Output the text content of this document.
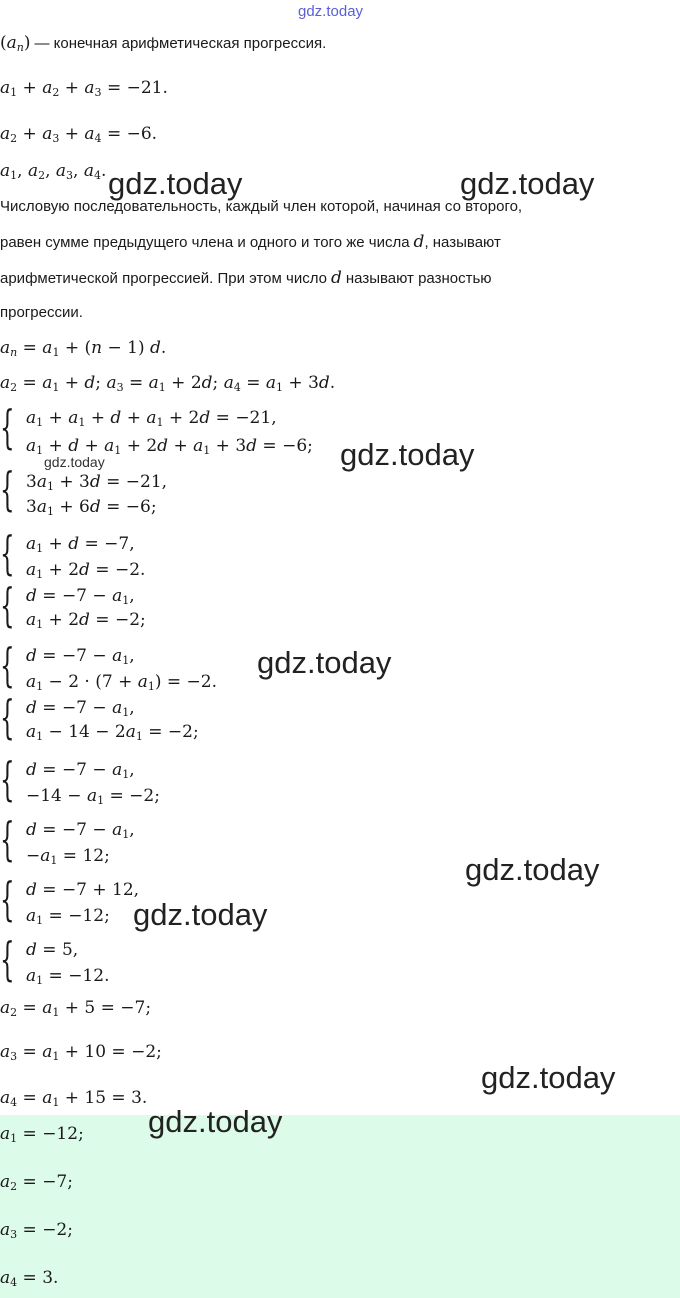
gdz.today
$(a_n)$ — конечная арифметическая прогрессия.
$a_1 + a_2 + a_3 = -21$.
$a_2 + a_3 + a_4 = -6$.
$a_1$, $a_2$, $a_3$, $a_4$.
Числовую последовательность, каждый член которой, начиная со второго,
равен сумме предыдущего члена и одного и того же числа d, называют
арифметической прогрессией. При этом число d называют разностью
прогрессии.
$a_n = a_1 + (n - 1)$ d.
$a_2 = a_1 + d$; $a_3 = a_1 + 2d$; $a_4 = a_1 + 3d$.
{ $a_1 + a_1 + d + a_1 + 2d = -21$,
$a_1 + d + a_1 + 2d + a_1 + 3d = -6$;
gdz.today
{ $3a_1 + 3d = -21$,
$3a_1 + 6d = -6$;
{ $a_1 + d = -7$,
$a_1 + 2d = -2$.
{ $d = -7 - a_1$,
$a_1 + 2d = -2$;
{ $d = -7 - a_1$,
$a_1 - 2 \cdot (7 + a_1) = -2$.
{ $d = -7 - a_1$,
$a_1 - 14 - 2a_1 = -2$;
{ $d = -7 - a_1$,
$-14 - a_1 = -2$;
{ $d = -7 - a_1$,
$-a_1 = 12$;
{ d = −7 + 12,
$a_1 = -12$;
{ d = 5,
$a_1 = -12$.
$a_2 = a_1 + 5 = -7$;
$a_3 = a_1 + 10 = -2$;
$a_4 = a_1 + 15 = 3$.
$a_1 = -12$;
$a_2 = -7$;
$a_3 = -2$;
$a_4 = 3$.
gdz.today	gdz.today
gdz.today
gdz.today
gdz.today
gdz.today
gdz.today
gdz.today
